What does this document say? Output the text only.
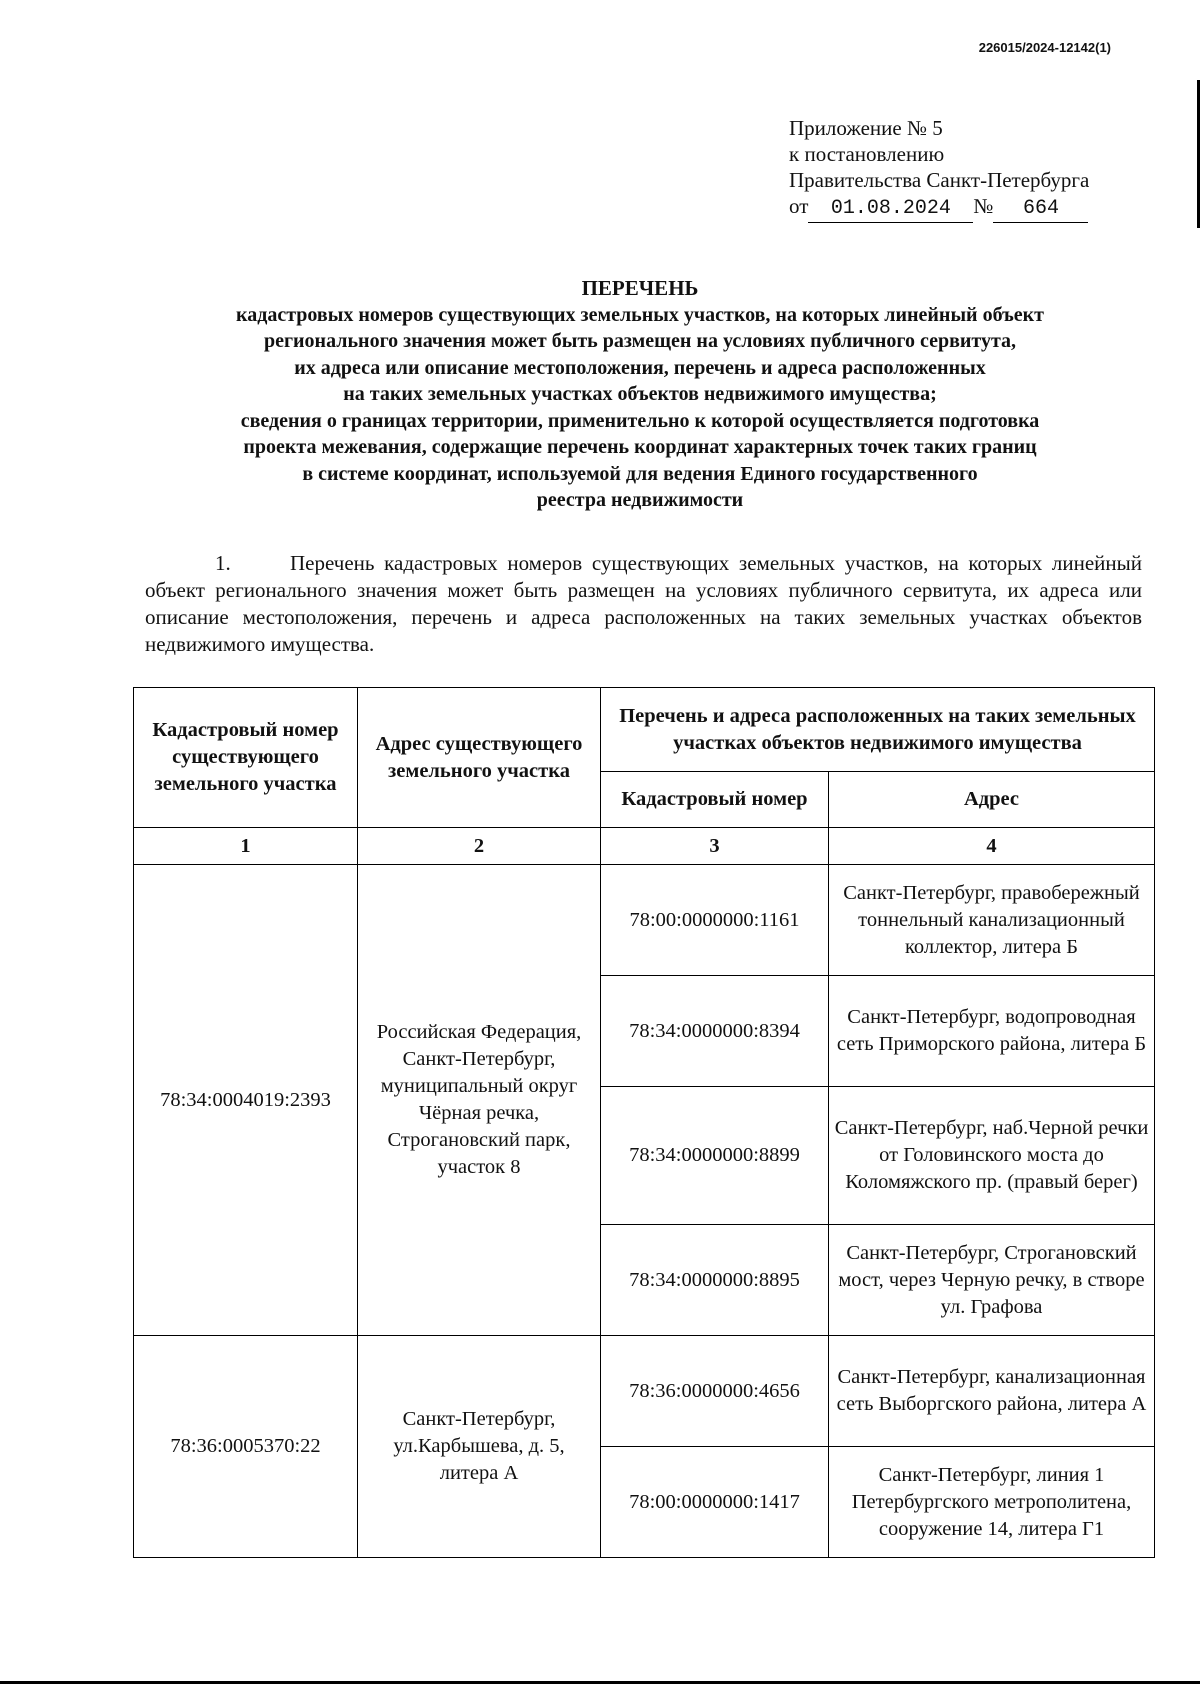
226015/2024-12142(1)
Приложение № 5
к постановлению
Правительства Санкт-Петербурга
от 01.08.2024 № 664
ПЕРЕЧЕНЬ
кадастровых номеров существующих земельных участков, на которых линейный объект
регионального значения может быть размещен на условиях публичного сервитута,
их адреса или описание местоположения, перечень и адреса расположенных
на таких земельных участках объектов недвижимого имущества;
сведения о границах территории, применительно к которой осуществляется подготовка
проекта межевания, содержащие перечень координат характерных точек таких границ
в системе координат, используемой для ведения Единого государственного
реестра недвижимости
1.	Перечень кадастровых номеров существующих земельных участков, на которых линейный объект регионального значения может быть размещен на условиях публичного сервитута, их адреса или описание местоположения, перечень и адреса расположенных на таких земельных участках объектов недвижимого имущества.
Кадастровый номер существующего земельного участка	Адрес существующего земельного участка	Перечень и адреса расположенных на таких земельных участках объектов недвижимого имущества	
		Кадастровый номер	Адрес
1	2	3	4
78:34:0004019:2393	Российская Федерация, Санкт-Петербург, муниципальный округ Чёрная речка, Строгановский парк, участок 8	78:00:0000000:1161	Санкт-Петербург, правобережный тоннельный канализационный коллектор, литера Б
		78:34:0000000:8394	Санкт-Петербург, водопроводная сеть Приморского района, литера Б
		78:34:0000000:8899	Санкт-Петербург, наб.Черной речки от Головинского моста до Коломяжского пр. (правый берег)
		78:34:0000000:8895	Санкт-Петербург, Строгановский мост, через Черную речку, в створе ул. Графова
78:36:0005370:22	Санкт-Петербург, ул.Карбышева, д. 5, литера А	78:36:0000000:4656	Санкт-Петербург, канализационная сеть Выборгского района, литера А
		78:00:0000000:1417	Санкт-Петербург, линия 1 Петербургского метрополитена, сооружение 14, литера Г1
